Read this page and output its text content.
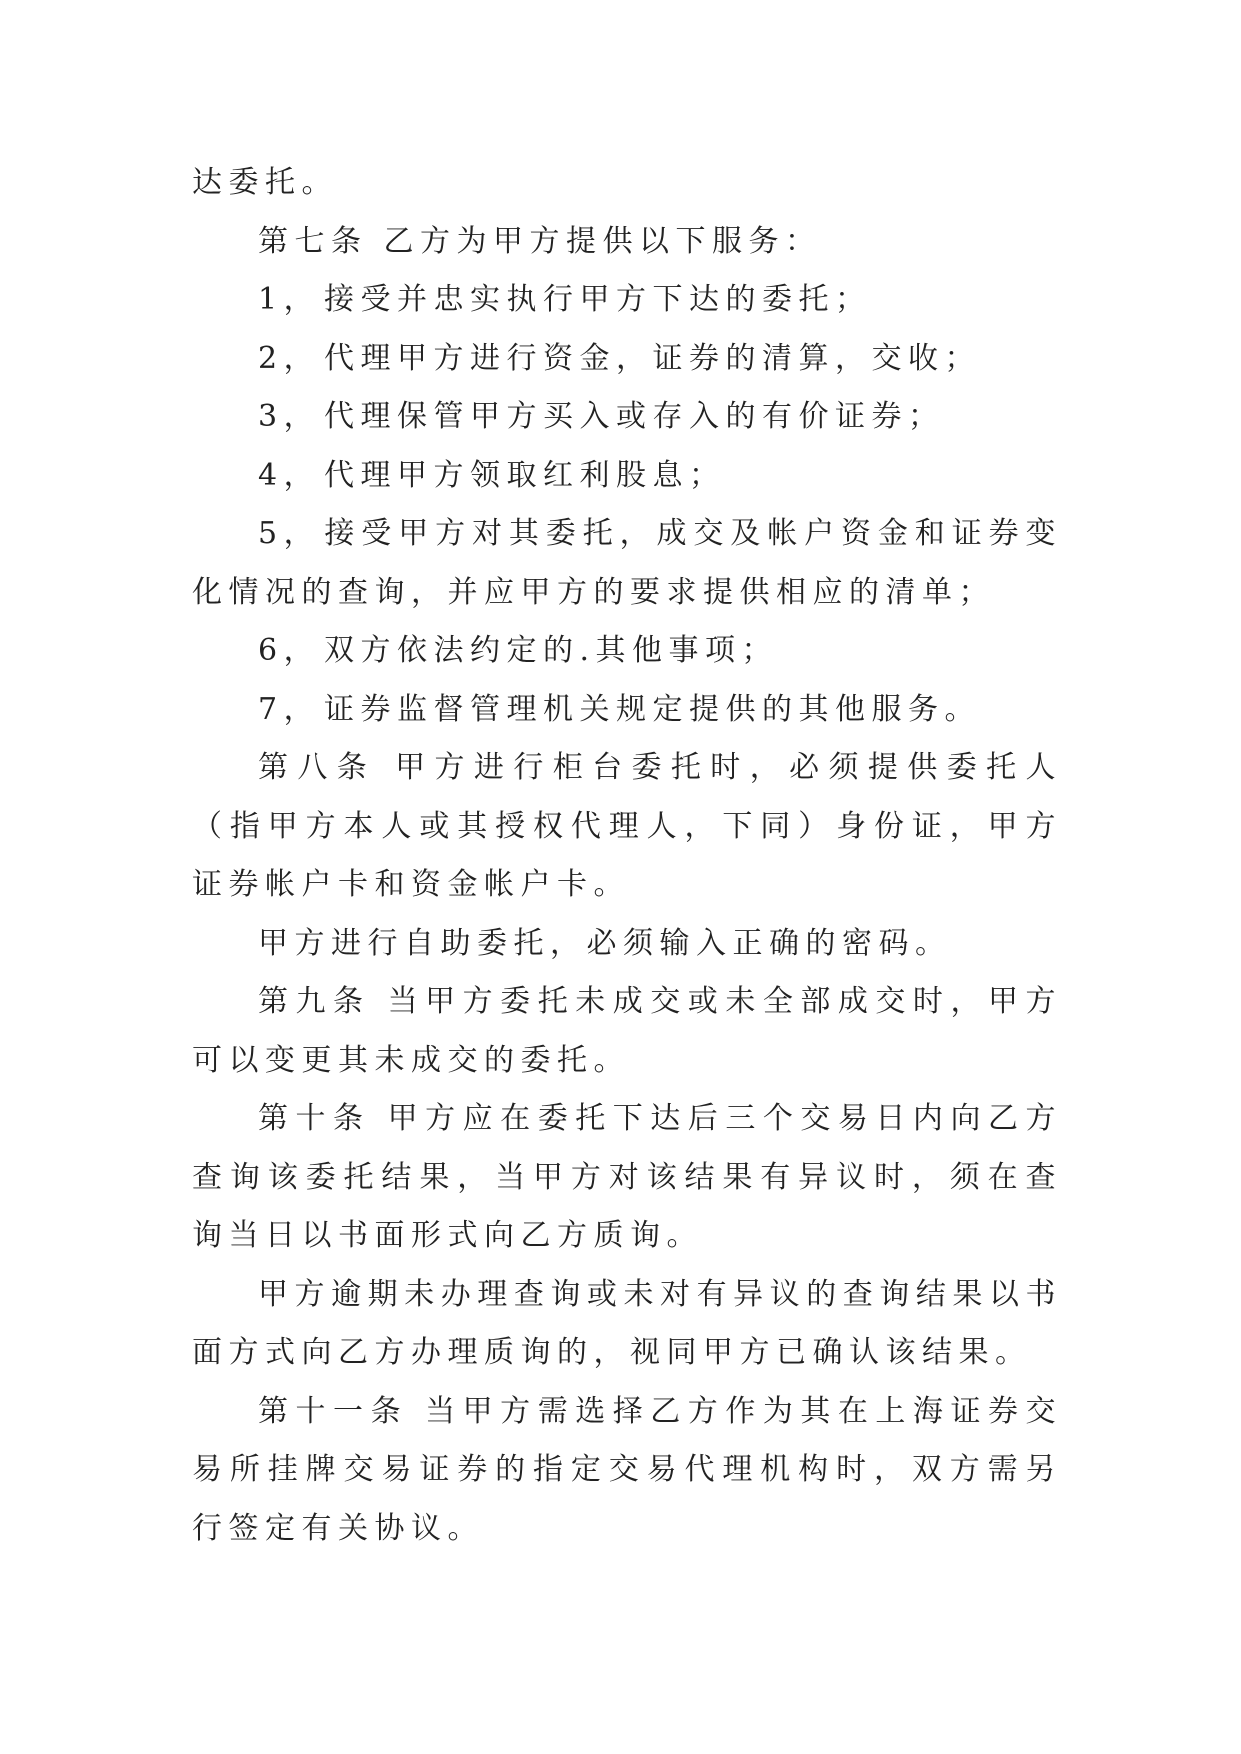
达委托。

第七条 乙方为甲方提供以下服务：

1， 接受并忠实执行甲方下达的委托；

2， 代理甲方进行资金，证券的清算，交收；

3， 代理保管甲方买入或存入的有价证券；

4， 代理甲方领取红利股息；

5， 接受甲方对其委托，成交及帐户资金和证券变化情况的查询，并应甲方的要求提供相应的清单；

6， 双方依法约定的.其他事项；

7， 证券监督管理机关规定提供的其他服务。

第八条 甲方进行柜台委托时，必须提供委托人（指甲方本人或其授权代理人，下同）身份证，甲方证券帐户卡和资金帐户卡。

甲方进行自助委托，必须输入正确的密码。

第九条 当甲方委托未成交或未全部成交时，甲方可以变更其未成交的委托。

第十条 甲方应在委托下达后三个交易日内向乙方查询该委托结果，当甲方对该结果有异议时，须在查询当日以书面形式向乙方质询。

甲方逾期未办理查询或未对有异议的查询结果以书面方式向乙方办理质询的，视同甲方已确认该结果。

第十一条 当甲方需选择乙方作为其在上海证券交易所挂牌交易证券的指定交易代理机构时，双方需另行签定有关协议。
